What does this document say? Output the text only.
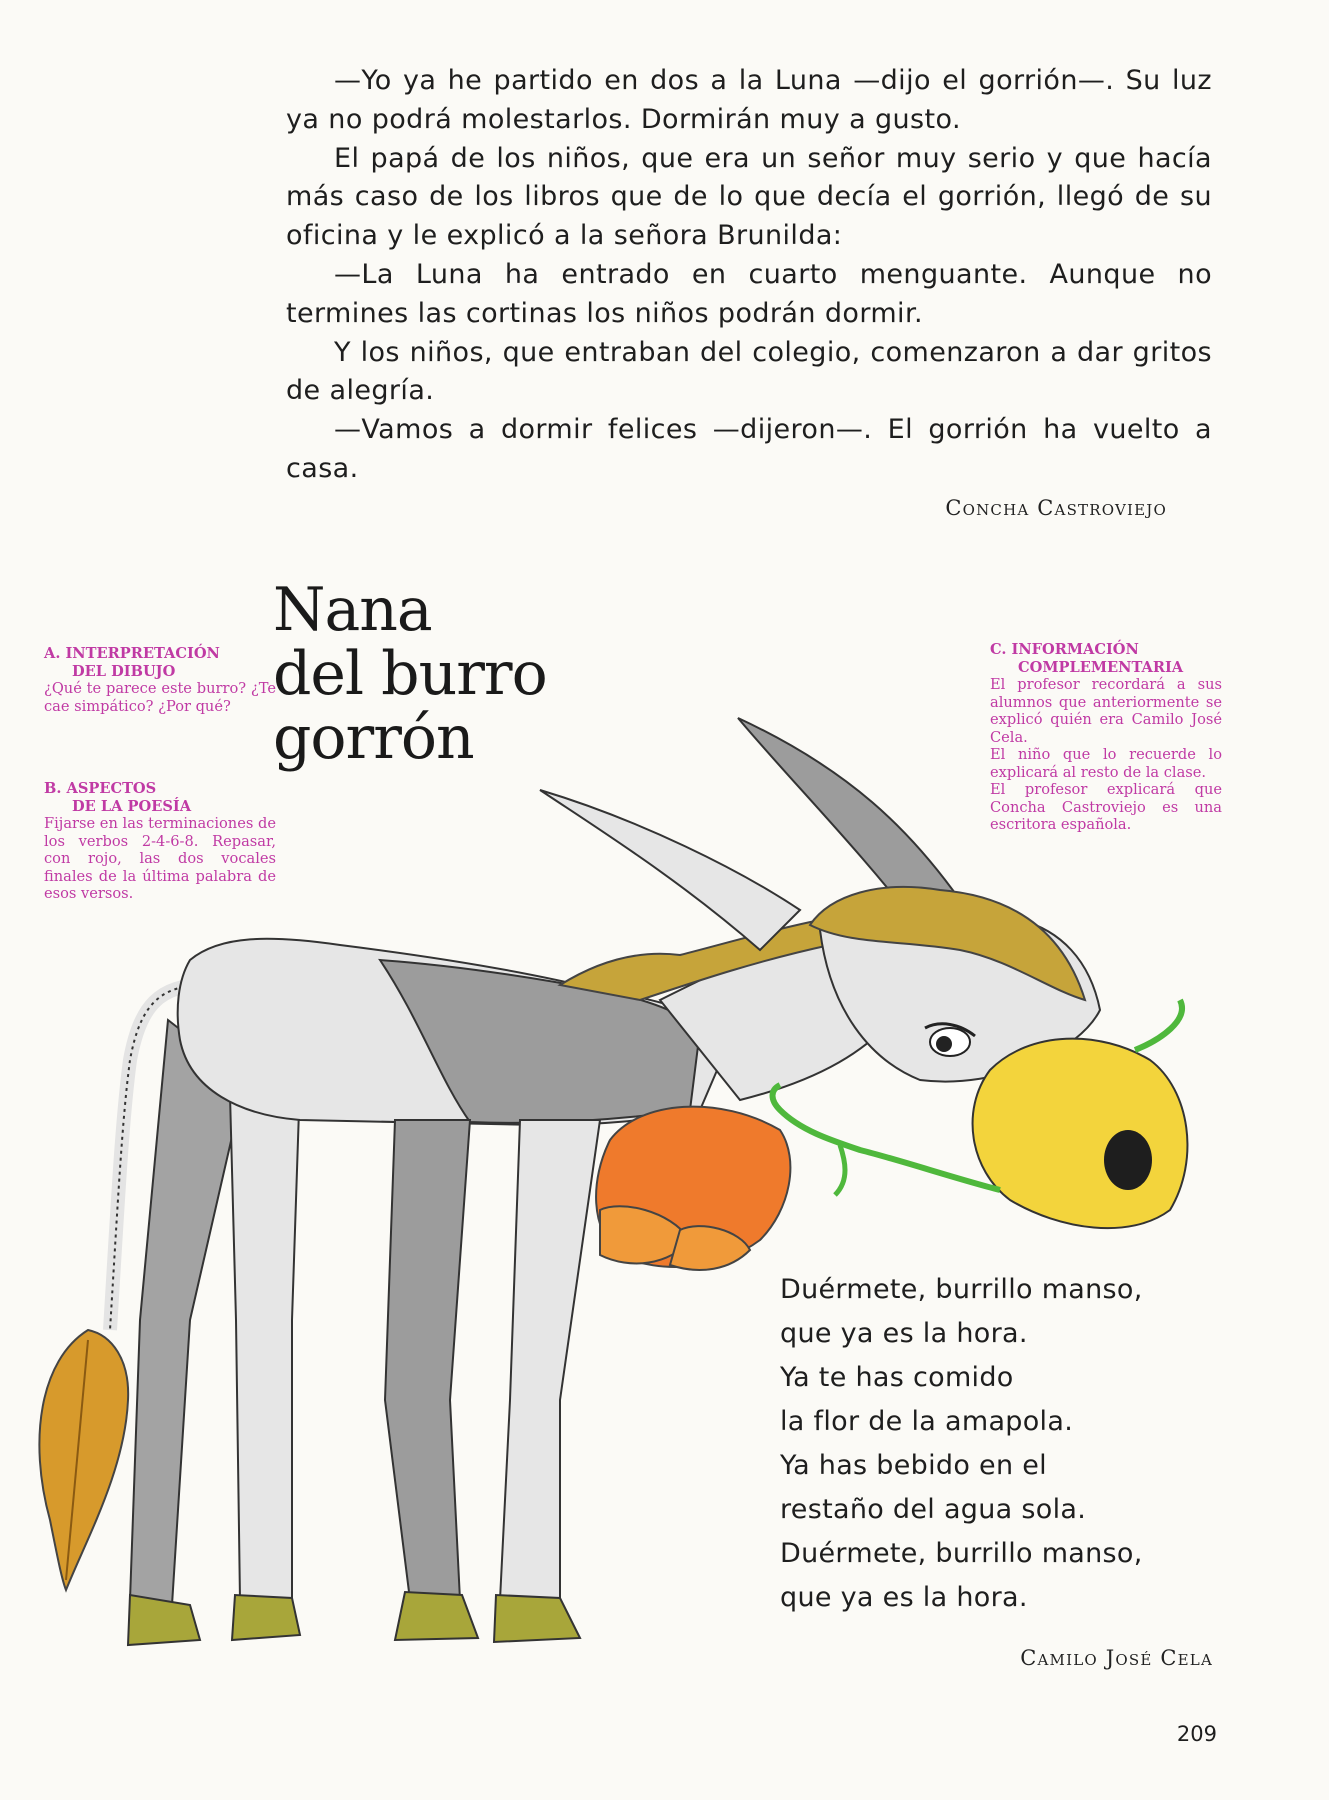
—Yo ya he partido en dos a la Luna —dijo el gorrión—. Su luz ya no podrá molestarlos. Dormirán muy a gusto.

El papá de los niños, que era un señor muy serio y que hacía más caso de los libros que de lo que decía el gorrión, llegó de su oficina y le explicó a la señora Brunilda:

—La Luna ha entrado en cuarto menguante. Aunque no termines las cortinas los niños podrán dormir.

Y los niños, que entraban del colegio, comenzaron a dar gritos de alegría.

—Vamos a dormir felices —dijeron—. El gorrión ha vuelto a casa.

Concha Castroviejo
Nana
del burro
gorrón
A. INTERPRETACIÓN
DEL DIBUJO
¿Qué te parece este burro? ¿Te cae simpático? ¿Por qué?
B. ASPECTOS
DE LA POESÍA
Fijarse en las terminaciones de los verbos 2-4-6-8. Repasar, con rojo, las dos vocales finales de la última palabra de esos versos.
C. INFORMACIÓN
COMPLEMENTARIA
El profesor recordará a sus alumnos que anteriormente se explicó quién era Camilo José Cela.
El niño que lo recuerde lo explicará al resto de la clase.
El profesor explicará que Concha Castroviejo es una escritora española.
Duérmete, burrillo manso,
que ya es la hora.
Ya te has comido
la flor de la amapola.
Ya has bebido en el
restaño del agua sola.
Duérmete, burrillo manso,
que ya es la hora.
Camilo José Cela
209
